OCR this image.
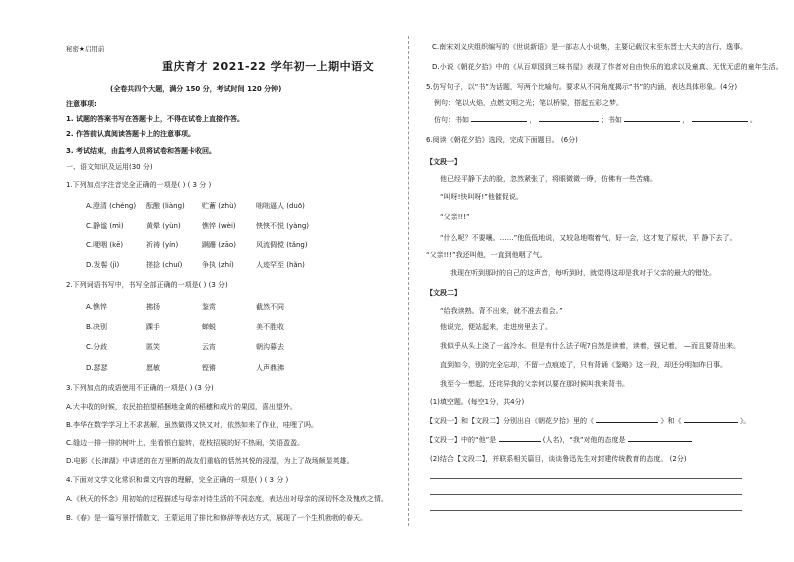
秘密★启用前
重庆育才 2021-22 学年初一上期中语文
(全卷共四个大题，满分 150 分，考试时间 120 分钟)
注意事项:
1. 试题的答案书写在答题卡上，不得在试卷上直接作答。
2. 作答前认真阅读答题卡上的注意事项。
3. 考试结束，由监考人员将试卷和答题卡收回。
一、语文知识及运用(30 分)
1.下列加点字注音完全正确的一项是( ) ( 3 分 )
A.澄清 (chéng) 酝酿 (liàng) 贮蓄 (zhù)	咄咄逼人 (duō)
C.静谧 (mì)	黄晕 (yùn)	憔悴 (wèi)	怏怏不悦 (yàng)
C.哽咽 (kē)	祈祷 (yín)	蹒跚 (zāo)	风流倜傥 (tǎng)
D.发髻 (jì)	搓捻 (chuí)	争执 (zhí)	人迹罕至 (hǎn)
2.下列词语书写中，书写全部正确的一项是( ) (3 分)
A.憔悴	拂扬	鉴赏	截然不同
B.决别	踝手	蝉蜕	美不胜收
C.分歧	匿笑	云宵	朝沟暮去
D.瑟瑟	愿敏	铿锵	人声鼎沸
3.下列加点的成语使用不正确的一项是( ) (3 分)
A.大丰收的时候，农民拍拍望稻捆地金黄的稻穗和成片的果园，喜出望外。
B.李华在数学学习上不求甚解，虽然做得又快又对，依然如来了作业，哇哩了吗。
C.缝边一排一排的树叶上，坐看银白旋转，花枝招展的好不热闹，笑语盈盈。
D.电影《长津湖》中讲述的在万里断的战友们重临的恬然其悦的浸湿，为上了战场颇显英雄。
4.下面对文学文化常识和课文内容的理解，完全正确的一项是( ) ( 3 分 )
A.《秋天的怀念》用初始的过程描述与母亲对待生活的不同态度，表达出对母亲的深切怀念及愧疚之情。
B.《春》是一篇写景抒情散文，王蒙运用了排比和修辞等表达方式，展现了一个生机勃勃的春天。
C.南宋刘义庆组织编写的《世说新语》是一部志人小说集，主要记载汉末至东晋士大夫的言行、逸事。
D.小说《朝花夕拾》中的《从百草园到三味书屋》表现了作者对自由快乐的追求以及童真、无忧无虑的童年生活。
5.仿写句子，以“书”为话题，写两个比喻句。要求从不同角度揭示“书”的内涵，表达具体形象。(4分)
例句：笔以火焰，点燃文明之光；笔以桥梁，搭起五彩之梦。
仿句：书如	，	；书如	，	。
6.阅读《朝花夕拾》选段，完成下面题目。 (6分)
【文段一】
他已经平静下去的脸，忽然紧张了，将眼微微一睁，仿佛有一些苦痛。
“叫呀!快叫呀!”他催促说。
“父亲!!!”
“什么呢？不要嚷。……”他低低地说，又较急地喘着气，好一会，这才复了原状，平 静下去了。
“父亲!!!”我还叫他，一直到他咽了气。
我现在听到那时的自己的这声音，每听到时，就觉得这却是我对于父亲的最大的错处。
【文段二】
“给我读熟。背不出来，就不准去看会。”
他说完，便站起来，走进房里去了。
我似乎从头上浇了一盆冷水。但是有什么法子呢?自然是读着，读着，强记着， —而且要背出来。
直到如今，别的完全忘却，不留一点痕迹了，只有背诵《鉴略》这一段，却还分明如昨日事。
我至今一想起，还诧异我的父亲何以要在那时候叫我来背书。
(1)填空题。(每空1分，共4分)
【文段一】和【文段二】分别出自《朝花夕拾》里的《	》和《	》。
【文段一】中的“他”是	(人名)，“我”对他的态度是
(2)结合【文段二】，并联系相关篇目，谈谈鲁迅先生对封建传统教育的态度。 (2分)
